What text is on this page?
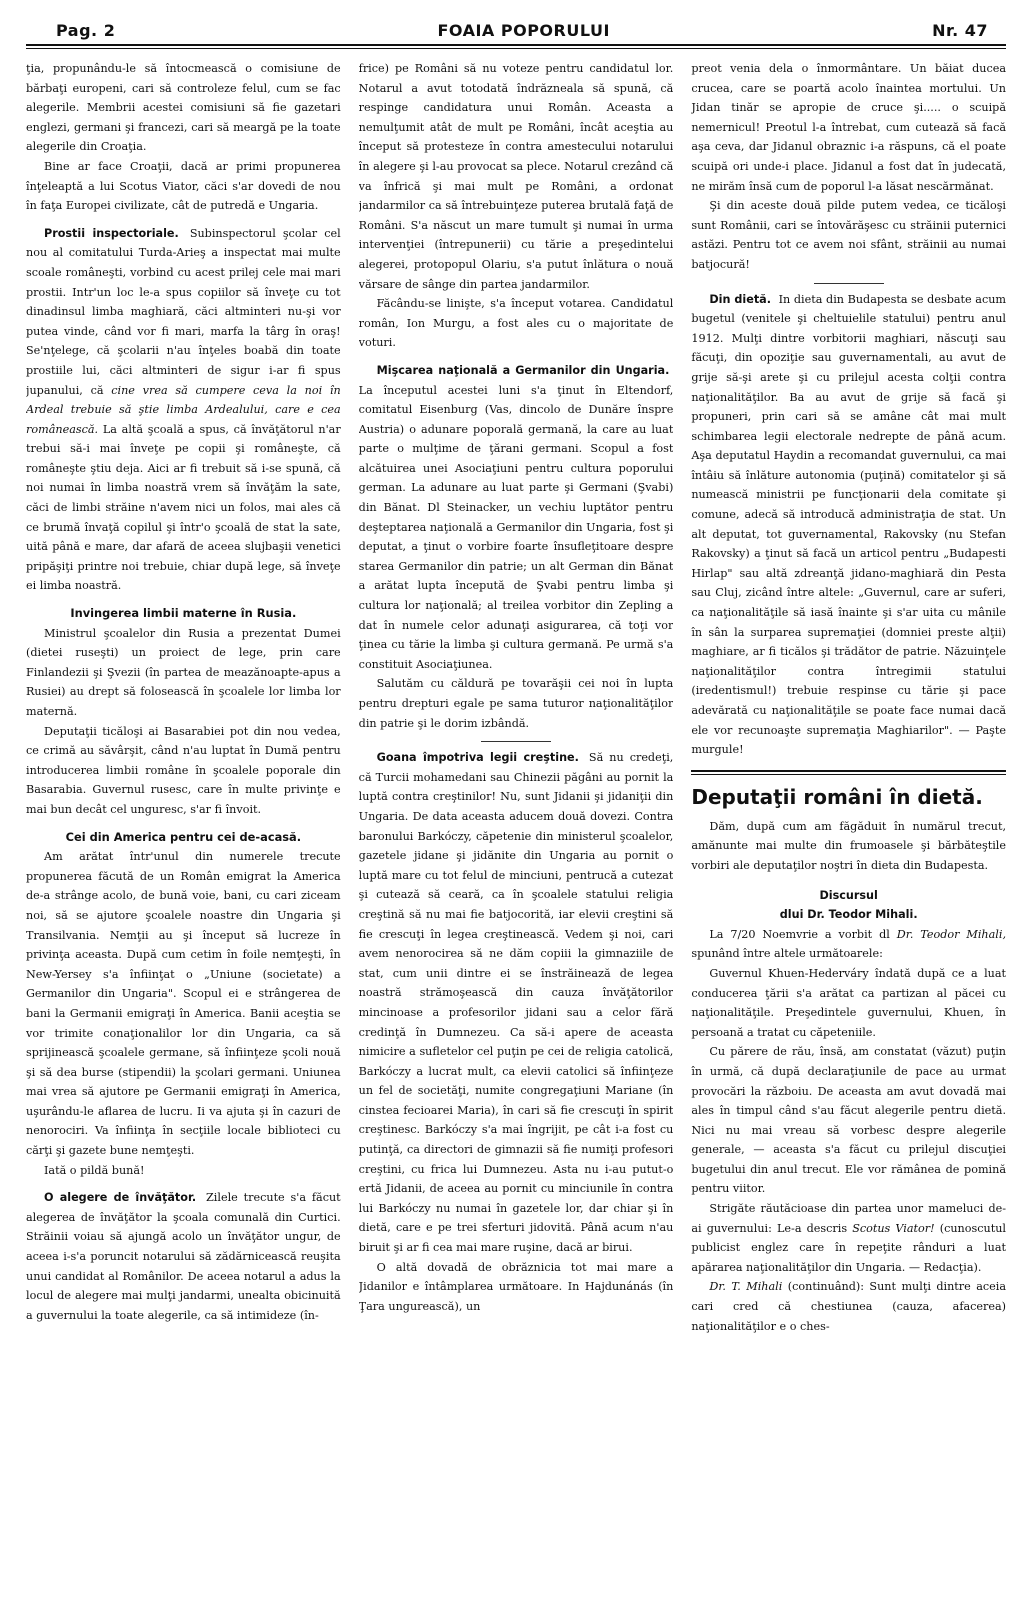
Pag. 2	FOAIA POPORULUI	Nr. 47

ţia, propunându-le să întocmească o comisiune de bărbaţi europeni, cari să controleze felul, cum se fac alegerile. Membrii acestei comisiuni să fie gazetari englezi, germani şi francezi, cari să meargă pe la toate alegerile din Croaţia.

Bine ar face Croaţii, dacă ar primi propunerea înţeleaptă a lui Scotus Viator, căci s'ar dovedi de nou în faţa Europei civilizate, cât de putredă e Ungaria.

Prostii inspectoriale. Subinspectorul şcolar cel nou al comitatului Turda-Arieş a inspectat mai multe scoale româneşti, vorbind cu acest prilej cele mai mari prostii. Intr'un loc le-a spus copiilor să înveţe cu tot dinadinsul limba maghiară, căci altminteri nu-şi vor putea vinde, când vor fi mari, marfa la târg în oraş! Se'nţelege, că şcolarii n'au înţeles boabă din toate prostiile lui, căci altminteri de sigur i-ar fi spus jupanului, că cine vrea să cumpere ceva la noi în Ardeal trebuie să ştie limba Ardealului, care e cea românească. La altă şcoală a spus, că învăţătorul n'ar trebui să-i mai înveţe pe copii şi româneşte, că româneşte ştiu deja. Aici ar fi trebuit să i-se spună, că noi numai în limba noastră vrem să învăţăm la sate, căci de limbi străine n'avem nici un folos, mai ales că ce brumă învaţă copilul şi într'o şcoală de stat la sate, uită până e mare, dar afară de aceea slujbaşii venetici pripăşiţi printre noi trebuie, chiar după lege, să înveţe ei limba noastră.

Invingerea limbii materne în Rusia.

Ministrul şcoalelor din Rusia a prezentat Dumei (dietei ruseşti) un proiect de lege, prin care Finlandezii şi Şvezii (în partea de meazănoapte-apus a Rusiei) au drept să folosească în şcoalele lor limba lor maternă.

Deputaţii ticăloşi ai Basarabiei pot din nou vedea, ce crimă au săvârşit, când n'au luptat în Dumă pentru introducerea limbii române în şcoalele poporale din Basarabia. Guvernul rusesc, care în multe privinţe e mai bun decât cel unguresc, s'ar fi învoit.

Cei din America pentru cei de-acasă.

Am arătat într'unul din numerele trecute propunerea făcută de un Român emigrat la America de-a strânge acolo, de bună voie, bani, cu cari ziceam noi, să se ajutore şcoalele noastre din Ungaria şi Transilvania. Nemţii au şi început să lucreze în privinţa aceasta. După cum cetim în foile nemţeşti, în New-Yersey s'a înfiinţat o „Uniune (societate) a Germanilor din Ungaria". Scopul ei e strângerea de bani la Germanii emigraţi în America. Banii aceştia se vor trimite conaţionalilor lor din Ungaria, ca să sprijinească şcoalele germane, să înfiinţeze şcoli nouă şi să dea burse (stipendii) la şcolari germani. Uniunea mai vrea să ajutore pe Germanii emigraţi în America, uşurându-le aflarea de lucru. Ii va ajuta şi în cazuri de nenorociri. Va înfiinţa în secţiile locale biblioteci cu cărţi şi gazete bune nemţeşti.

Iată o pildă bună!

O alegere de învăţător. Zilele trecute s'a făcut alegerea de învăţător la şcoala comunală din Curtici. Străinii voiau să ajungă acolo un învăţător ungur, de aceea i-s'a poruncit notarului să zădărnicească reuşita unui candidat al Românilor. De aceea notarul a adus la locul de alegere mai mulţi jandarmi, unealta obicinuită a guvernului la toate alegerile, ca să intimideze (în-

frice) pe Români să nu voteze pentru candidatul lor. Notarul a avut totodată îndrăzneala să spună, că respinge candidatura unui Român. Aceasta a nemulţumit atât de mult pe Români, încât aceştia au început să protesteze în contra amestecului notarului în alegere şi l-au provocat sa plece. Notarul crezând că va înfrică şi mai mult pe Români, a ordonat jandarmilor ca să întrebuinţeze puterea brutală faţă de Români. S'a născut un mare tumult şi numai în urma intervenţiei (întrepunerii) cu tărie a preşedintelui alegerei, protopopul Olariu, s'a putut înlătura o nouă vărsare de sânge din partea jandarmilor.

Făcându-se linişte, s'a început votarea. Candidatul român, Ion Murgu, a fost ales cu o majoritate de voturi.

Mişcarea naţională a Germanilor din Ungaria. La începutul acestei luni s'a ţinut în Eltendorf, comitatul Eisenburg (Vas, dincolo de Dunăre înspre Austria) o adunare poporală germană, la care au luat parte o mulţime de ţărani germani. Scopul a fost alcătuirea unei Asociaţiuni pentru cultura poporului german. La adunare au luat parte şi Germani (Şvabi) din Bănat. Dl Steinacker, un vechiu luptător pentru deşteptarea naţională a Germanilor din Ungaria, fost şi deputat, a ţinut o vorbire foarte însufleţitoare despre starea Germanilor din patrie; un alt German din Bănat a arătat lupta începută de Şvabi pentru limba şi cultura lor naţională; al treilea vorbitor din Zepling a dat în numele celor adunaţi asigurarea, că toţi vor ţinea cu tărie la limba şi cultura germană. Pe urmă s'a constituit Asociaţiunea.

Salutăm cu căldură pe tovarăşii cei noi în lupta pentru drepturi egale pe sama tuturor naţionalităţilor din patrie şi le dorim izbândă.

Goana împotriva legii creştine. Să nu credeţi, că Turcii mohamedani sau Chinezii păgâni au pornit la luptă contra creştinilor! Nu, sunt Jidanii şi jidaniţii din Ungaria. De data aceasta aducem două dovezi. Contra baronului Barkóczy, căpetenie din ministerul şcoalelor, gazetele jidane şi jidănite din Ungaria au pornit o luptă mare cu tot felul de minciuni, pentrucă a cutezat şi cutează să ceară, ca în şcoalele statului religia creştină să nu mai fie batjocorită, iar elevii creştini să fie crescuţi în legea creştinească. Vedem şi noi, cari avem nenorocirea să ne dăm copiii la gimnaziile de stat, cum unii dintre ei se înstrăinează de legea noastră strămoşească din cauza învăţătorilor mincinoase a profesorilor jidani sau a celor fără credinţă în Dumnezeu. Ca să-i apere de aceasta nimicire a sufletelor cel puţin pe cei de religia catolică, Barkóczy a lucrat mult, ca elevii catolici să înfiinţeze un fel de societăţi, numite congregaţiuni Mariane (în cinstea fecioarei Maria), în cari să fie crescuţi în spirit creştinesc. Barkóczy s'a mai îngrijit, pe cât i-a fost cu putinţă, ca directori de gimnazii să fie numiţi profesori creştini, cu frica lui Dumnezeu. Asta nu i-au putut-o ertă Jidanii, de aceea au pornit cu minciunile în contra lui Barkóczy nu numai în gazetele lor, dar chiar şi în dietă, care e pe trei sferturi jidovită. Până acum n'au biruit şi ar fi cea mai mare ruşine, dacă ar birui.

O altă dovadă de obrăznicia tot mai mare a Jidanilor e întâmplarea următoare. In Hajdunánás (în Ţara ungurească), un

preot venia dela o înmormântare. Un băiat ducea crucea, care se poartă acolo înaintea mortului. Un Jidan tinăr se apropie de cruce şi..... o scuipă nemernicul! Preotul l-a întrebat, cum cutează să facă aşa ceva, dar Jidanul obraznic i-a răspuns, că el poate scuipă ori unde-i place. Jidanul a fost dat în judecată, ne mirăm însă cum de poporul l-a lăsat nescărmănat.

Şi din aceste două pilde putem vedea, ce ticăloşi sunt Românii, cari se întovărăşesc cu străinii puternici astăzi. Pentru tot ce avem noi sfânt, străinii au numai batjocură!

Din dietă. In dieta din Budapesta se desbate acum bugetul (venitele şi cheltuielile statului) pentru anul 1912. Mulţi dintre vorbitorii maghiari, născuţi sau făcuţi, din opoziţie sau guvernamentali, au avut de grije să-şi arete şi cu prilejul acesta colţii contra naţionalităţilor. Ba au avut de grije să facă şi propuneri, prin cari să se amâne cât mai mult schimbarea legii electorale nedrepte de până acum. Aşa deputatul Haydin a recomandat guvernului, ca mai întâiu să înlăture autonomia (puţină) comitatelor şi să numească ministrii pe funcţionarii dela comitate şi comune, adecă să introducă administraţia de stat. Un alt deputat, tot guvernamental, Rakovsky (nu Stefan Rakovsky) a ţinut să facă un articol pentru „Budapesti Hirlap" sau altă zdreanţă jidano-maghiară din Pesta sau Cluj, zicând între altele: „Guvernul, care ar suferi, ca naţionalităţile să iasă înainte şi s'ar uita cu mânile în sân la surparea supremaţiei (domniei preste alţii) maghiare, ar fi ticălos şi trădător de patrie. Năzuinţele naţionalităţilor contra întregimii statului (iredentismul!) trebuie respinse cu tărie şi pace adevărată cu naţionalităţile se poate face numai dacă ele vor recunoaşte supremaţia Maghiarilor". — Paşte murgule!

Deputaţii români în dietă.

Dăm, după cum am făgăduit în numărul trecut, amănunte mai multe din frumoasele şi bărbăteştile vorbiri ale deputaţilor noştri în dieta din Budapesta.

Discursul
dlui Dr. Teodor Mihali.

La 7/20 Noemvrie a vorbit dl Dr. Teodor Mihali, spunând între altele următoarele:

Guvernul Khuen-Hederváry îndată după ce a luat conducerea ţării s'a arătat ca partizan al păcei cu naţionalităţile. Preşedintele guvernului, Khuen, în persoană a tratat cu căpeteniile.

Cu părere de rău, însă, am constatat (văzut) puţin în urmă, că după declaraţiunile de pace au urmat provocări la războiu. De aceasta am avut dovadă mai ales în timpul când s'au făcut alegerile pentru dietă. Nici nu mai vreau să vorbesc despre alegerile generale, — aceasta s'a făcut cu prilejul discuţiei bugetului din anul trecut. Ele vor rămânea de pomină pentru viitor.

Strigăte răutăcioase din partea unor mameluci de-ai guvernului: Le-a descris Scotus Viator! (cunoscutul publicist englez care în repeţite rânduri a luat apărarea naţionalităţilor din Ungaria. — Redacţia).

Dr. T. Mihali (continuând): Sunt mulţi dintre aceia cari cred că chestiunea (cauza, afacerea) naţionalităţilor e o ches-
